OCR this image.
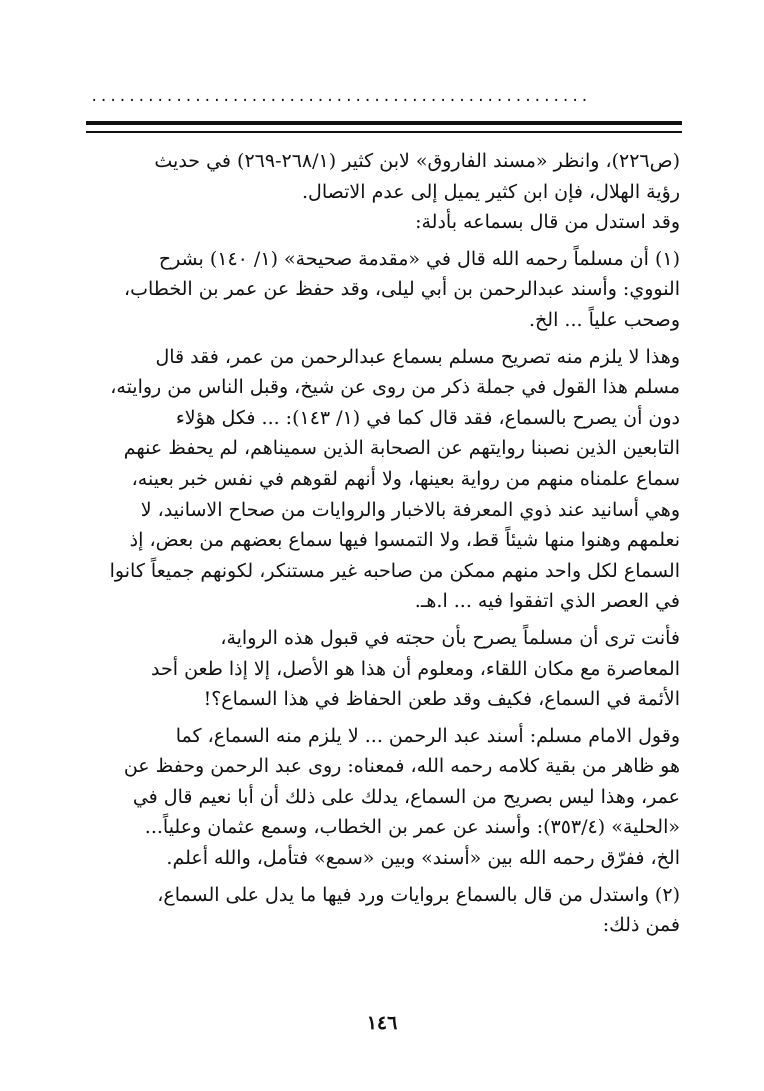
.....................................................
(ص٢٢٦)، وانظر «مسند الفاروق» لابن كثير (٢٦٨/١-٢٦٩) في حديث
رؤية الهلال، فإن ابن كثير يميل إلى عدم الاتصال.
وقد استدل من قال بسماعه بأدلة:
(١) أن مسلماً رحمه الله قال في «مقدمة صحيحة» (١/ ١٤٠) بشرح
النووي: وأسند عبدالرحمن بن أبي ليلى، وقد حفظ عن عمر بن الخطاب،
وصحب علياً ... الخ.
وهذا لا يلزم منه تصريح مسلم بسماع عبدالرحمن من عمر، فقد قال
مسلم هذا القول في جملة ذكر من روى عن شيخ، وقبل الناس من روايته،
دون أن يصرح بالسماع، فقد قال كما في (١/ ١٤٣): ... فكل هؤلاء
التابعين الذين نصبنا روايتهم عن الصحابة الذين سميناهم، لم يحفظ عنهم
سماع علمناه منهم من رواية بعينها، ولا أنهم لقوهم في نفس خبر بعينه،
وهي أسانيد عند ذوي المعرفة بالاخبار والروايات من صحاح الاسانيد، لا
نعلمهم وهنوا منها شيئاً قط، ولا التمسوا فيها سماع بعضهم من بعض، إذ
السماع لكل واحد منهم ممكن من صاحبه غير مستنكر، لكونهم جميعاً كانوا
في العصر الذي اتفقوا فيه ... ا.هـ.
فأنت ترى أن مسلماً يصرح بأن حجته في قبول هذه الرواية،
المعاصرة مع مكان اللقاء، ومعلوم أن هذا هو الأصل، إلا إذا طعن أحد
الأئمة في السماع، فكيف وقد طعن الحفاظ في هذا السماع؟!
وقول الامام مسلم: أسند عبد الرحمن ... لا يلزم منه السماع، كما
هو ظاهر من بقية كلامه رحمه الله، فمعناه: روى عبد الرحمن وحفظ عن
عمر، وهذا ليس بصريح من السماع، يدلك على ذلك أن أبا نعيم قال في
«الحلية» (٣٥٣/٤): وأسند عن عمر بن الخطاب، وسمع عثمان وعلياً...
الخ، ففرّق رحمه الله بين «أسند» وبين «سمع» فتأمل، والله أعلم.
(٢) واستدل من قال بالسماع بروايات ورد فيها ما يدل على السماع،
فمن ذلك:
١٤٦
